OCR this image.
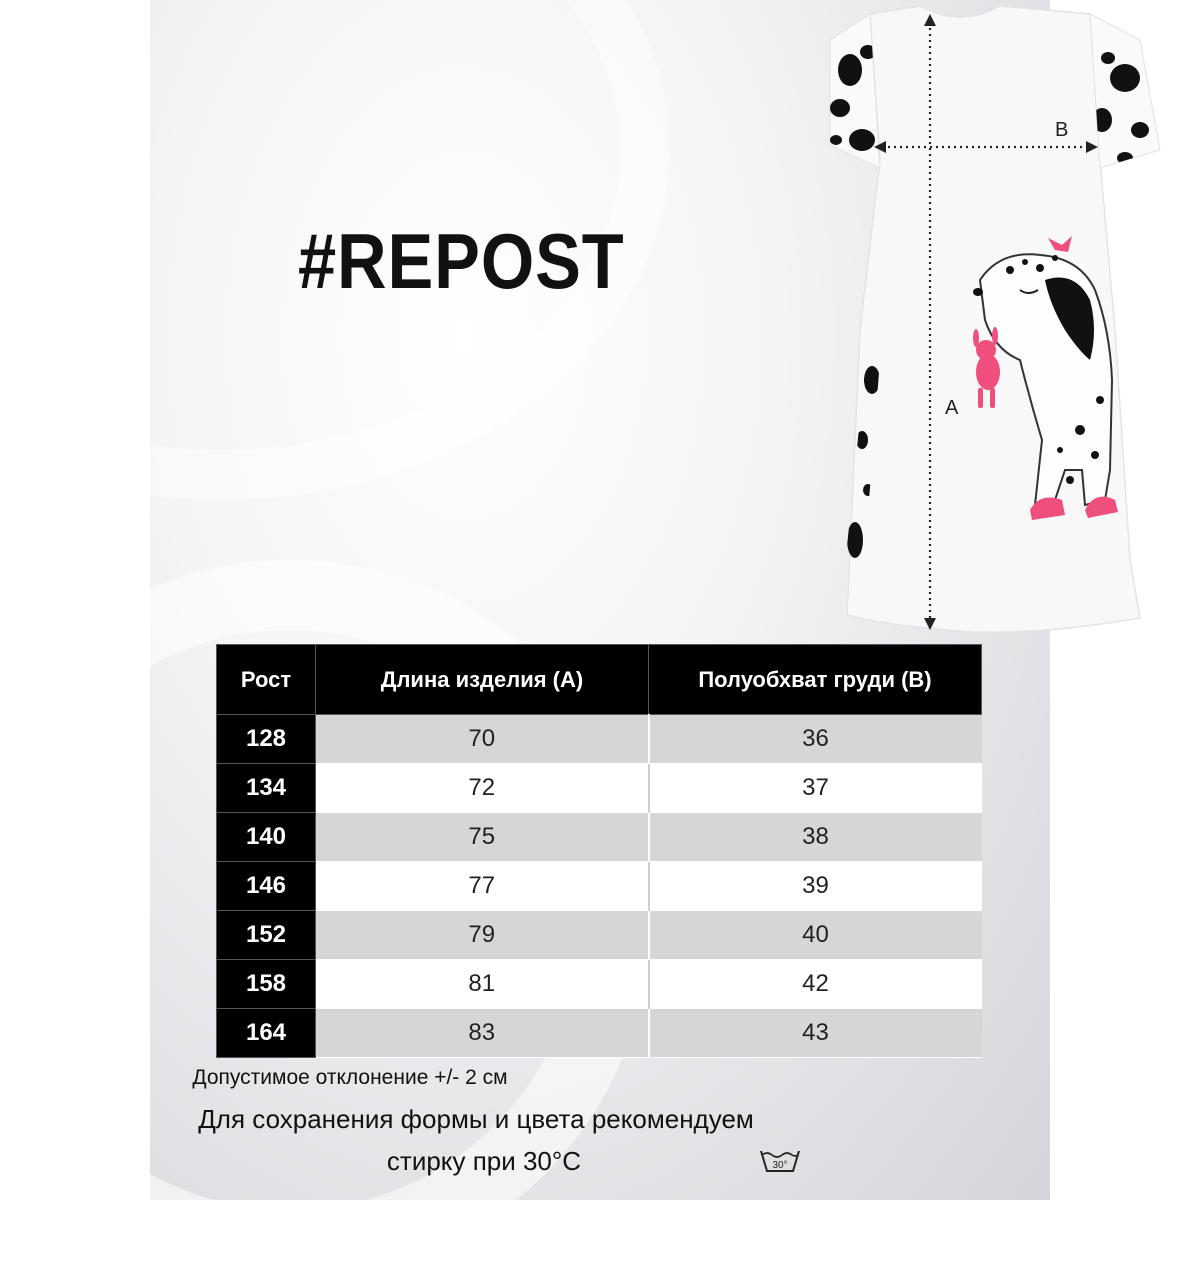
#REPOST
B
A
Рост	Длина изделия (A)	Полуобхват груди (B)
128	70	36
134	72	37
140	75	38
146	77	39
152	79	40
158	81	42
164	83	43
Допустимое отклонение +/- 2 см
Для сохранения формы и цвета рекомендуем
стирку при 30°C	30°
